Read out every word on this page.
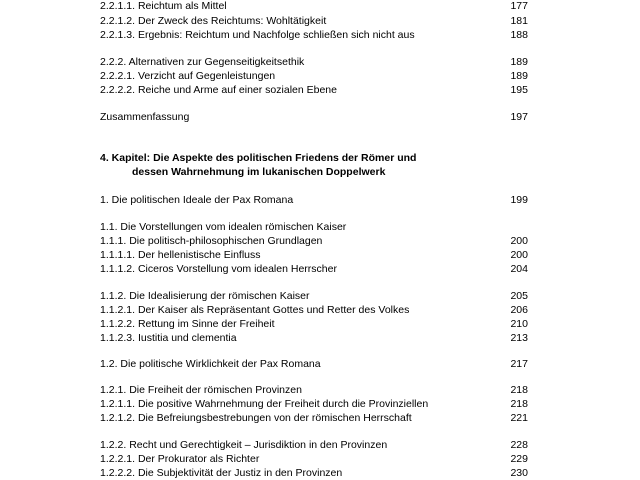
2.2.1.1. Reichtum als Mittel	177
2.2.1.2. Der Zweck des Reichtums: Wohltätigkeit	181
2.2.1.3. Ergebnis: Reichtum und Nachfolge schließen sich nicht aus	188
2.2.2. Alternativen zur Gegenseitigkeitsethik	189
2.2.2.1. Verzicht auf Gegenleistungen	189
2.2.2.2. Reiche und Arme auf einer sozialen Ebene	195
Zusammenfassung	197
4. Kapitel: Die Aspekte des politischen Friedens der Römer und
dessen Wahrnehmung im lukanischen Doppelwerk
1. Die politischen Ideale der Pax Romana	199
1.1. Die Vorstellungen vom idealen römischen Kaiser
1.1.1. Die politisch-philosophischen Grundlagen	200
1.1.1.1. Der hellenistische Einfluss	200
1.1.1.2. Ciceros Vorstellung vom idealen Herrscher	204
1.1.2. Die Idealisierung der römischen Kaiser	205
1.1.2.1. Der Kaiser als Repräsentant Gottes und Retter des Volkes	206
1.1.2.2. Rettung im Sinne der Freiheit	210
1.1.2.3. Iustitia und clementia	213
1.2. Die politische Wirklichkeit der Pax Romana	217
1.2.1. Die Freiheit der römischen Provinzen	218
1.2.1.1. Die positive Wahrnehmung der Freiheit durch die Provinziellen	218
1.2.1.2. Die Befreiungsbestrebungen von der römischen Herrschaft	221
1.2.2. Recht und Gerechtigkeit – Jurisdiktion in den Provinzen	228
1.2.2.1. Der Prokurator als Richter	229
1.2.2.2. Die Subjektivität der Justiz in den Provinzen	230
